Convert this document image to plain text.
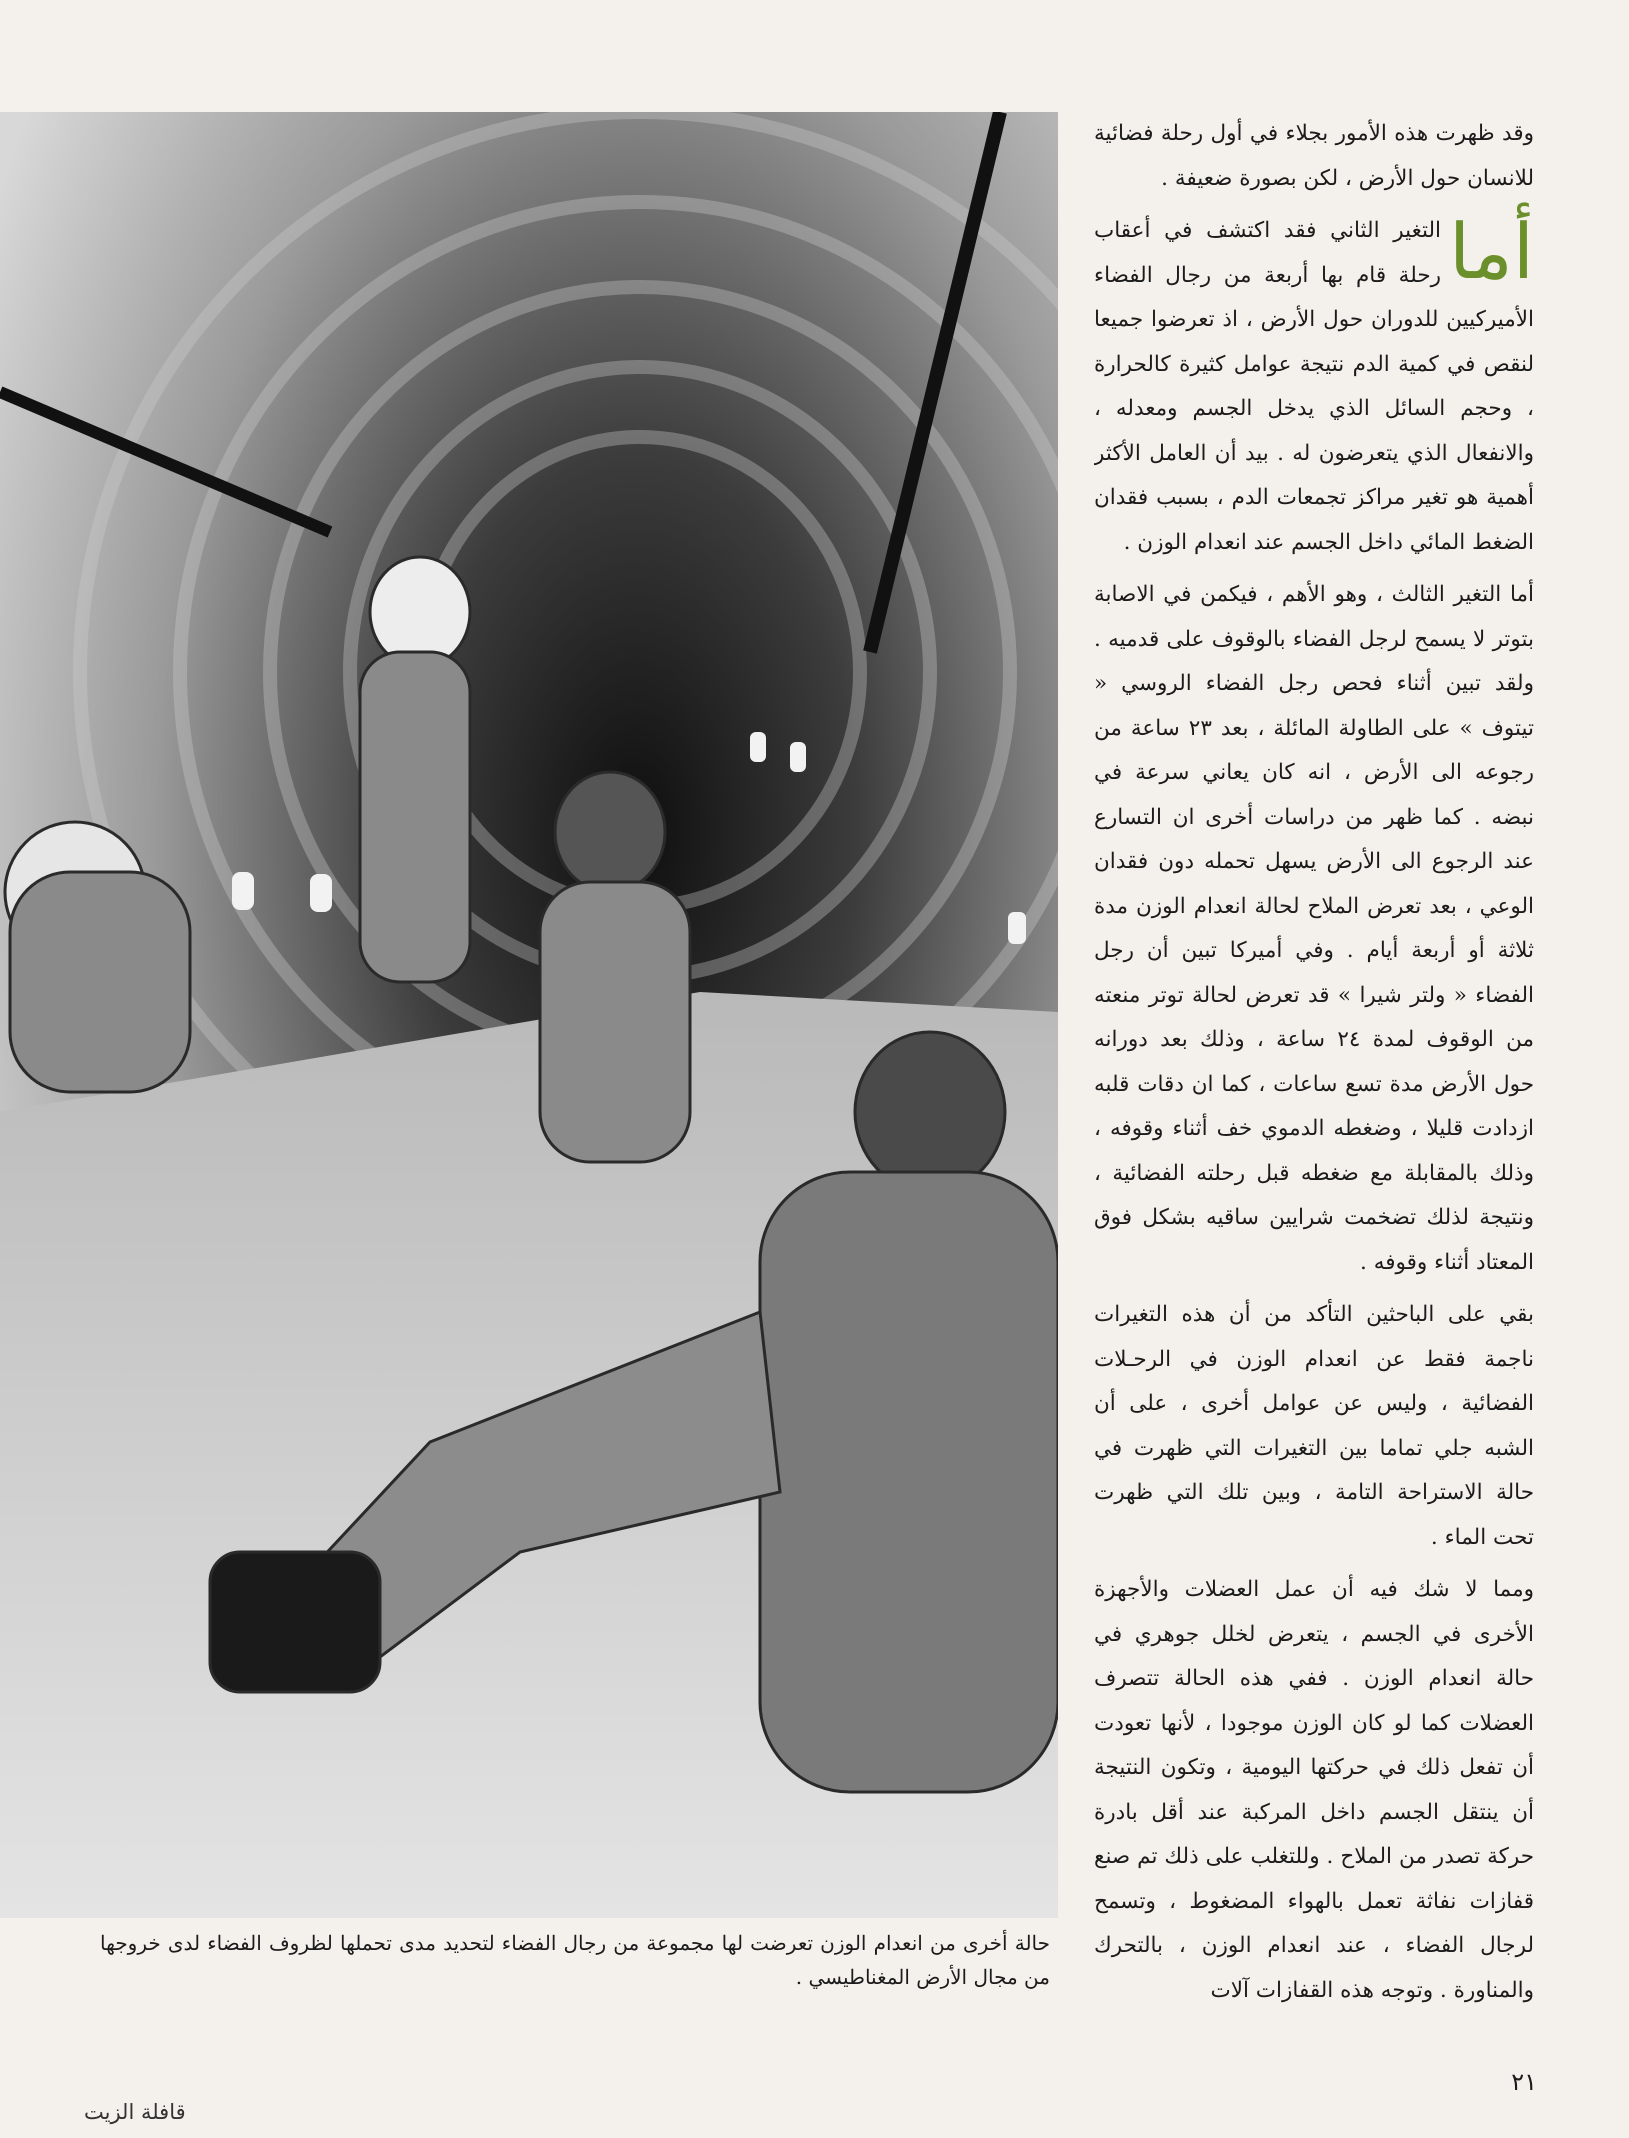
حالة أخرى من انعدام الوزن تعرضت لها مجموعة من رجال الفضاء لتحديد مدى تحملها لظروف الفضاء لدى خروجها من مجال الأرض المغناطيسي .

وقد ظهرت هذه الأمور بجلاء في أول رحلة فضائية للانسان حول الأرض ، لكن بصورة ضعيفة .

أما
التغير الثاني فقد اكتشف في أعقاب رحلة قام بها أربعة من رجال الفضاء الأميركيين للدوران حول الأرض ، اذ تعرضوا جميعا لنقص في كمية الدم نتيجة عوامل كثيرة كالحرارة ، وحجم السائل الذي يدخل الجسم ومعدله ، والانفعال الذي يتعرضون له . بيد أن العامل الأكثر أهمية هو تغير مراكز تجمعات الدم ، بسبب فقدان الضغط المائي داخل الجسم عند انعدام الوزن .

أما التغير الثالث ، وهو الأهم ، فيكمن في الاصابة بتوتر لا يسمح لرجل الفضاء بالوقوف على قدميه . ولقد تبين أثناء فحص رجل الفضاء الروسي « تيتوف » على الطاولة المائلة ، بعد ٢٣ ساعة من رجوعه الى الأرض ، انه كان يعاني سرعة في نبضه . كما ظهر من دراسات أخرى ان التسارع عند الرجوع الى الأرض يسهل تحمله دون فقدان الوعي ، بعد تعرض الملاح لحالة انعدام الوزن مدة ثلاثة أو أربعة أيام . وفي أميركا تبين أن رجل الفضاء « ولتر شيرا » قد تعرض لحالة توتر منعته من الوقوف لمدة ٢٤ ساعة ، وذلك بعد دورانه حول الأرض مدة تسع ساعات ، كما ان دقات قلبه ازدادت قليلا ، وضغطه الدموي خف أثناء وقوفه ، وذلك بالمقابلة مع ضغطه قبل رحلته الفضائية ، ونتيجة لذلك تضخمت شرايين ساقيه بشكل فوق المعتاد أثناء وقوفه .

بقي على الباحثين التأكد من أن هذه التغيرات ناجمة فقط عن انعدام الوزن في الرحـلات الفضائية ، وليس عن عوامل أخرى ، على أن الشبه جلي تماما بين التغيرات التي ظهرت في حالة الاستراحة التامة ، وبين تلك التي ظهرت تحت الماء .

ومما لا شك فيه أن عمل العضلات والأجهزة الأخرى في الجسم ، يتعرض لخلل جوهري في حالة انعدام الوزن . ففي هذه الحالة تتصرف العضلات كما لو كان الوزن موجودا ، لأنها تعودت أن تفعل ذلك في حركتها اليومية ، وتكون النتيجة أن ينتقل الجسم داخل المركبة عند أقل بادرة حركة تصدر من الملاح . وللتغلب على ذلك تم صنع قفازات نفاثة تعمل بالهواء المضغوط ، وتسمح لرجال الفضاء ، عند انعدام الوزن ، بالتحرك والمناورة . وتوجه هذه القفازات آلات

٢١
قافلة الزيت
